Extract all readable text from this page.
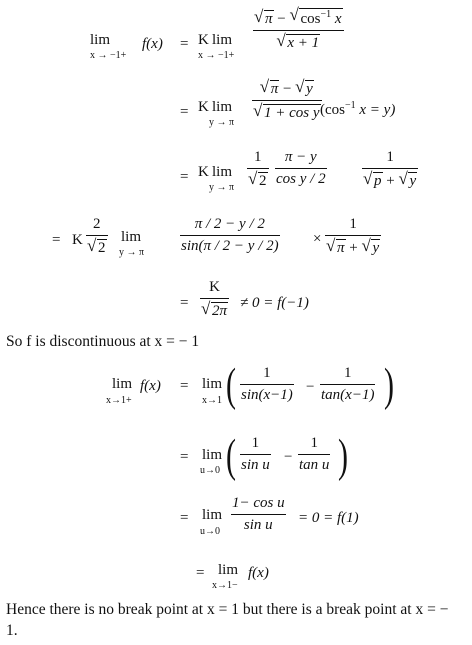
lim
x → −1+
f(x) = K lim
x → −1+
√ π − √ $\cos^{-1} x$
√ x + 1
= K lim
y → π
√ π − √ y
√ 1 + cos y ($\cos^{-1}$ x = y)
= K lim
y → π
1
√ 2
π − y
cos y / 2
1
√ p + √ y
= K
2
√ 2
lim
y → π
π / 2 − y / 2
sin(π / 2 − y / 2) ×
1
√ π + √ y
=
K
√ 2π ≠ 0 = f(−1)
So f is discontinuous at x = − 1
lim
x→1+
f(x) = lim
x→1 ( 1
sin(x−1) −
1
tan(x−1) )
= lim
u→0 ( 1
sin u −
1
tan u )
= lim
u→0
1− cos u
sin u = 0 = f(1)
= lim
x→1−
f(x)
Hence there is no break point at x = 1 but there is a break point at x = − 1.
